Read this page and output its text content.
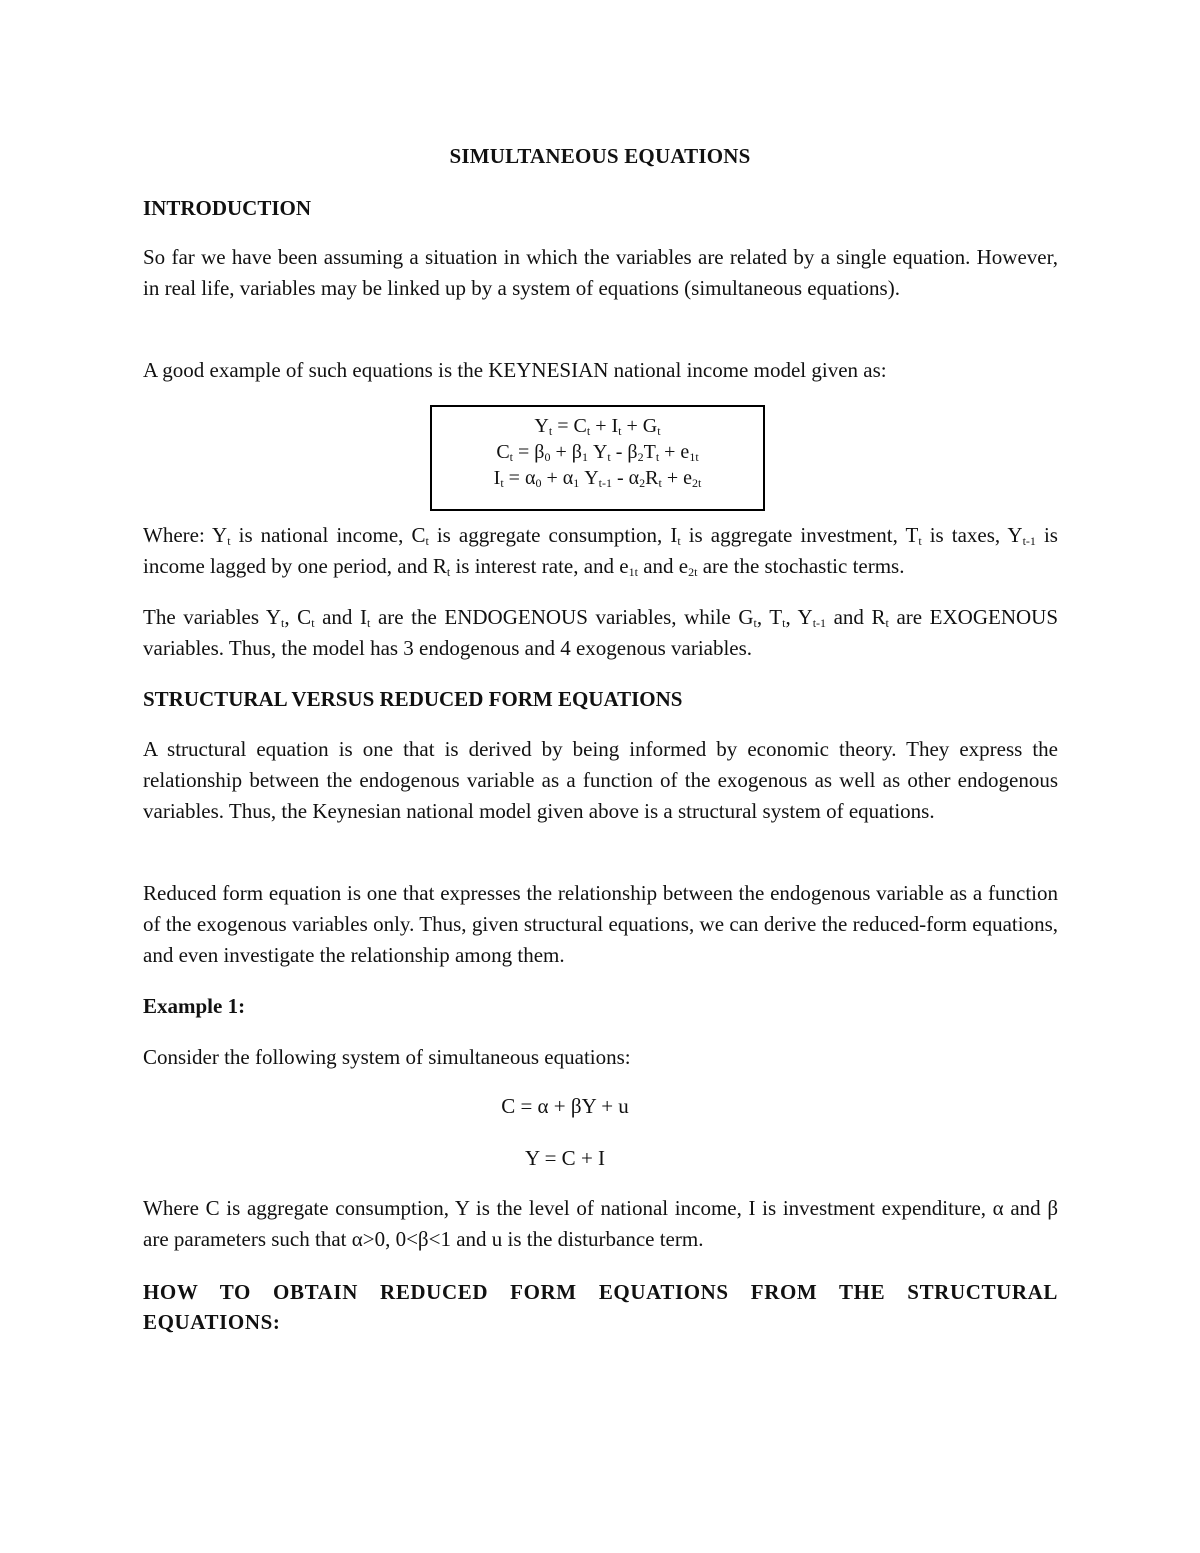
SIMULTANEOUS EQUATIONS
INTRODUCTION
So far we have been assuming a situation in which the variables are related by a single equation. However, in real life, variables may be linked up by a system of equations (simultaneous equations).
A good example of such equations is the KEYNESIAN national income model given as:
$Y_t = C_t + I_t + G_t$
$C_t = \beta_0 + \beta_1$ $Y_t - \beta_2T_t + e_{1t}$
$I_t = \alpha_0 + \alpha_1$ $Y_{t-1} - \alpha_2R_t + e_{2t}$
Where: $Y_t$ is national income, $C_t$ is aggregate consumption, $I_t$ is aggregate investment, $T_t$ is taxes, $Y_{t-1}$ is income lagged by one period, and $R_t$ is interest rate, and $e_{1t}$ and $e_{2t}$ are the stochastic terms.
The variables $Y_t$, $C_t$ and $I_t$ are the ENDOGENOUS variables, while $G_t$, $T_t$, $Y_{t-1}$ and $R_t$ are EXOGENOUS variables. Thus, the model has 3 endogenous and 4 exogenous variables.
STRUCTURAL VERSUS REDUCED FORM EQUATIONS
A structural equation is one that is derived by being informed by economic theory. They express the relationship between the endogenous variable as a function of the exogenous as well as other endogenous variables. Thus, the Keynesian national model given above is a structural system of equations.
Reduced form equation is one that expresses the relationship between the endogenous variable as a function of the exogenous variables only. Thus, given structural equations, we can derive the reduced-form equations, and even investigate the relationship among them.
Example 1:
Consider the following system of simultaneous equations:
C = α + βY + u
Y = C + I
Where C is aggregate consumption, Y is the level of national income, I is investment expenditure, α and β are parameters such that α>0, 0<β<1 and u is the disturbance term.
HOW TO OBTAIN REDUCED FORM EQUATIONS FROM THE STRUCTURAL EQUATIONS:
